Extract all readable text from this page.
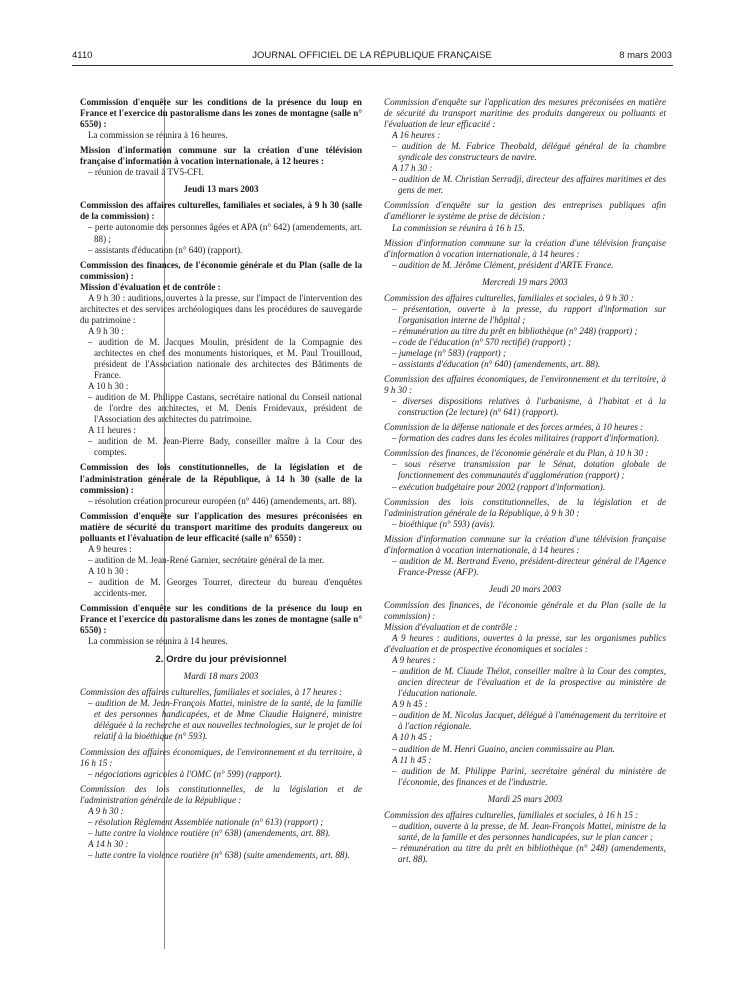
4110	JOURNAL OFFICIEL DE LA RÉPUBLIQUE FRANÇAISE	8 mars 2003

Commission d'enquête sur les conditions de la présence du loup en France et l'exercice du pastoralisme dans les zones de montagne (salle n° 6550) :

La commission se réunira à 16 heures.

Mission d'information commune sur la création d'une télévision française d'information à vocation internationale, à 12 heures :

– réunion de travail à TV5-CFI.

Jeudi 13 mars 2003

Commission des affaires culturelles, familiales et sociales, à 9 h 30 (salle de la commission) :

– perte autonomie des personnes âgées et APA (n° 642) (amendements, art. 88) ;

– assistants d'éducation (n° 640) (rapport).

Commission des finances, de l'économie générale et du Plan (salle de la commission) :

Mission d'évaluation et de contrôle :

A 9 h 30 : auditions, ouvertes à la presse, sur l'impact de l'intervention des architectes et des services archéologiques dans les procédures de sauvegarde du patrimoine :

A 9 h 30 :

– audition de M. Jacques Moulin, président de la Compagnie des architectes en chef des monuments historiques, et M. Paul Trouilloud, président de l'Association nationale des architectes des Bâtiments de France.

A 10 h 30 :

– audition de M. Philippe Castans, secrétaire national du Conseil national de l'ordre des architectes, et M. Denis Froidevaux, président de l'Association des architectes du patrimoine.

A 11 heures :

– audition de M. Jean-Pierre Bady, conseiller maître à la Cour des comptes.

Commission des lois constitutionnelles, de la législation et de l'administration générale de la République, à 14 h 30 (salle de la commission) :

– résolution création procureur européen (n° 446) (amendements, art. 88).

Commission d'enquête sur l'application des mesures préconisées en matière de sécurité du transport maritime des produits dangereux ou polluants et l'évaluation de leur efficacité (salle n° 6550) :

A 9 heures :

– audition de M. Jean-René Garnier, secrétaire général de la mer.

A 10 h 30 :

– audition de M. Georges Tourret, directeur du bureau d'enquêtes accidents-mer.

Commission d'enquête sur les conditions de la présence du loup en France et l'exercice du pastoralisme dans les zones de montagne (salle n° 6550) :

La commission se réunira à 14 heures.

2. Ordre du jour prévisionnel

Mardi 18 mars 2003

Commission des affaires culturelles, familiales et sociales, à 17 heures :

– audition de M. Jean-François Mattei, ministre de la santé, de la famille et des personnes handicapées, et de Mme Claudie Haigneré, ministre déléguée à la recherche et aux nouvelles technologies, sur le projet de loi relatif à la bioéthique (n° 593).

Commission des affaires économiques, de l'environnement et du territoire, à 16 h 15 :

– négociations agricoles à l'OMC (n° 599) (rapport).

Commission des lois constitutionnelles, de la législation et de l'administration générale de la République :

A 9 h 30 :

– résolution Règlement Assemblée nationale (n° 613) (rapport) ;

– lutte contre la violence routière (n° 638) (amendements, art. 88).

A 14 h 30 :

– lutte contre la violence routière (n° 638) (suite amendements, art. 88).

Commission d'enquête sur l'application des mesures préconisées en matière de sécurité du transport maritime des produits dangereux ou polluants et l'évaluation de leur efficacité :

A 16 heures :

– audition de M. Fabrice Theobald, délégué général de la chambre syndicale des constructeurs de navire.

A 17 h 30 :

– audition de M. Christian Serradji, directeur des affaires maritimes et des gens de mer.

Commission d'enquête sur la gestion des entreprises publiques afin d'améliorer le système de prise de décision :

La commission se réunira à 16 h 15.

Mission d'information commune sur la création d'une télévision française d'information à vocation internationale, à 14 heures :

– audition de M. Jérôme Clément, président d'ARTE France.

Mercredi 19 mars 2003

Commission des affaires culturelles, familiales et sociales, à 9 h 30 :

– présentation, ouverte à la presse, du rapport d'information sur l'organisation interne de l'hôpital ;

– rémunération au titre du prêt en bibliothèque (n° 248) (rapport) ;

– code de l'éducation (n° 570 rectifié) (rapport) ;

– jumelage (n° 583) (rapport) ;

– assistants d'éducation (n° 640) (amendements, art. 88).

Commission des affaires économiques, de l'environnement et du territoire, à 9 h 30 :

– diverses dispositions relatives à l'urbanisme, à l'habitat et à la construction (2e lecture) (n° 641) (rapport).

Commission de la défense nationale et des forces armées, à 10 heures :

– formation des cadres dans les écoles militaires (rapport d'information).

Commission des finances, de l'économie générale et du Plan, à 10 h 30 :

– sous réserve transmission par le Sénat, dotation globale de fonctionnement des communautés d'agglomération (rapport) ;

– exécution budgétaire pour 2002 (rapport d'information).

Commission des lois constitutionnelles, de la législation et de l'administration générale de la République, à 9 h 30 :

– bioéthique (n° 593) (avis).

Mission d'information commune sur la création d'une télévision française d'information à vocation internationale, à 14 heures :

– audition de M. Bertrand Eveno, président-directeur général de l'Agence France-Presse (AFP).

Jeudi 20 mars 2003

Commission des finances, de l'économie générale et du Plan (salle de la commission) :

Mission d'évaluation et de contrôle :

A 9 heures : auditions, ouvertes à la presse, sur les organismes publics d'évaluation et de prospective économiques et sociales :

A 9 heures :

– audition de M. Claude Thélot, conseiller maître à la Cour des comptes, ancien directeur de l'évaluation et de la prospective au ministère de l'éducation nationale.

A 9 h 45 :

– audition de M. Nicolas Jacquet, délégué à l'aménagement du territoire et à l'action régionale.

A 10 h 45 :

– audition de M. Henri Guaino, ancien commissaire au Plan.

A 11 h 45 :

– audition de M. Philippe Parini, secrétaire général du ministère de l'économie, des finances et de l'industrie.

Mardi 25 mars 2003

Commission des affaires culturelles, familiales et sociales, à 16 h 15 :

– audition, ouverte à la presse, de M. Jean-François Mattei, ministre de la santé, de la famille et des personnes handicapées, sur le plan cancer ;

– rémunération au titre du prêt en bibliothèque (n° 248) (amendements, art. 88).
